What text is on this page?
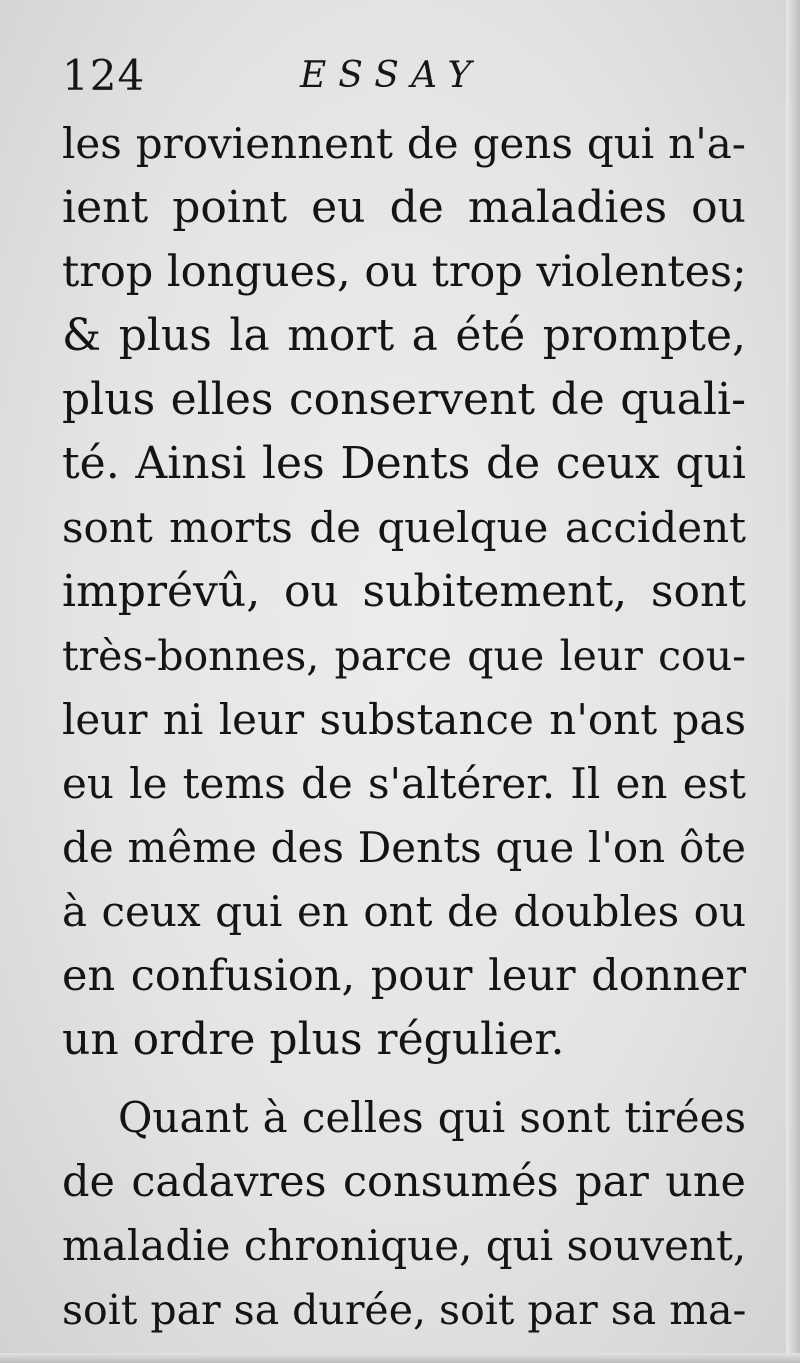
124	ESSAY
les proviennent de gens qui n'a-
ient point eu de maladies ou
trop longues, ou trop violentes;
& plus la mort a été prompte,
plus elles conservent de quali-
té. Ainsi les Dents de ceux qui
sont morts de quelque accident
imprévû, ou subitement, sont
très-bonnes, parce que leur cou-
leur ni leur substance n'ont pas
eu le tems de s'altérer. Il en est
de même des Dents que l'on ôte
à ceux qui en ont de doubles ou
en confusion, pour leur donner
un ordre plus régulier.
Quant à celles qui sont tirées
de cadavres consumés par une
maladie chronique, qui souvent,
soit par sa durée, soit par sa ma-
